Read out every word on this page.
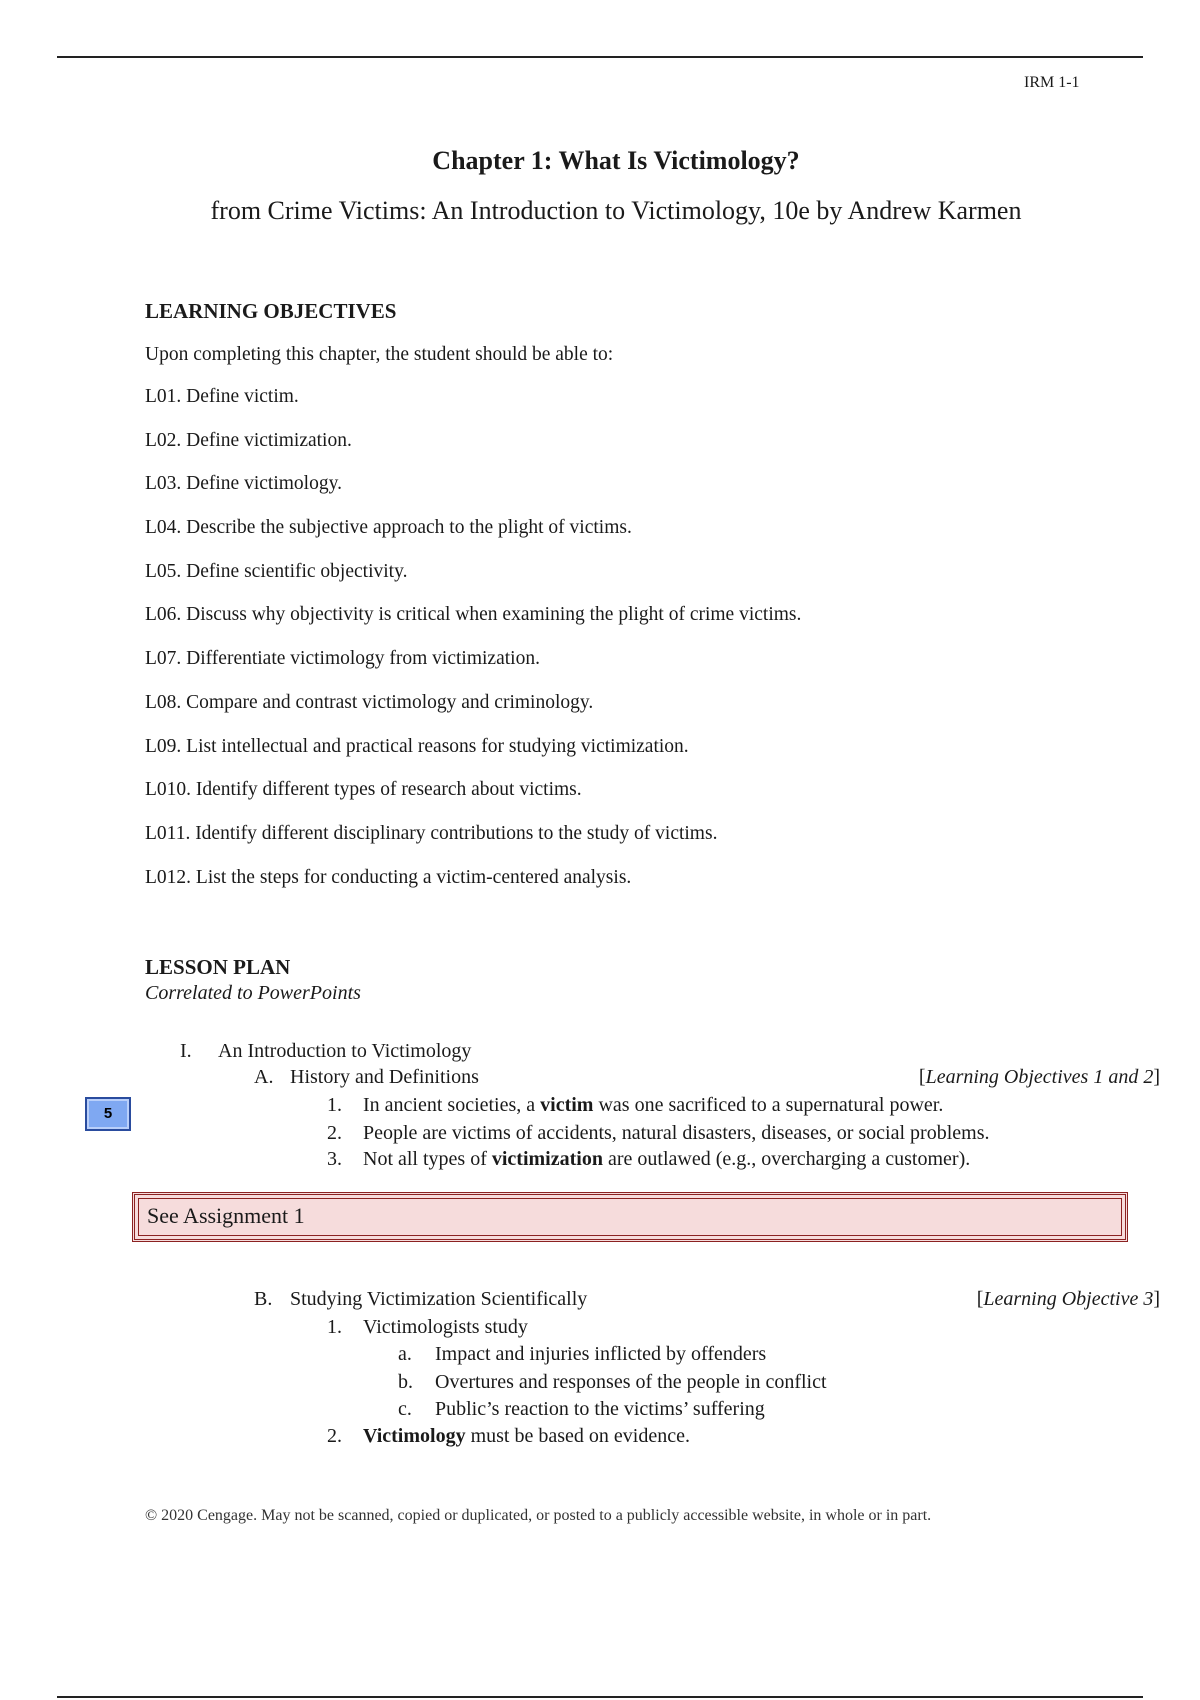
IRM 1-1
Chapter 1: What Is Victimology?
from Crime Victims: An Introduction to Victimology, 10e by Andrew Karmen
LEARNING OBJECTIVES
Upon completing this chapter, the student should be able to:
L01. Define victim.
L02. Define victimization.
L03. Define victimology.
L04. Describe the subjective approach to the plight of victims.
L05. Define scientific objectivity.
L06. Discuss why objectivity is critical when examining the plight of crime victims.
L07. Differentiate victimology from victimization.
L08. Compare and contrast victimology and criminology.
L09. List intellectual and practical reasons for studying victimization.
L010. Identify different types of research about victims.
L011. Identify different disciplinary contributions to the study of victims.
L012. List the steps for conducting a victim-centered analysis.
LESSON PLAN
Correlated to PowerPoints
I. An Introduction to Victimology
A. History and Definitions	[Learning Objectives 1 and 2]
5	1. In ancient societies, a victim was one sacrificed to a supernatural power.
2. People are victims of accidents, natural disasters, diseases, or social problems.
3. Not all types of victimization are outlawed (e.g., overcharging a customer).
See Assignment 1
B. Studying Victimization Scientifically	[Learning Objective 3]
1. Victimologists study
a. Impact and injuries inflicted by offenders
b. Overtures and responses of the people in conflict
c. Public’s reaction to the victims’ suffering
2. Victimology must be based on evidence.
© 2020 Cengage. May not be scanned, copied or duplicated, or posted to a publicly accessible website, in whole or in part.
